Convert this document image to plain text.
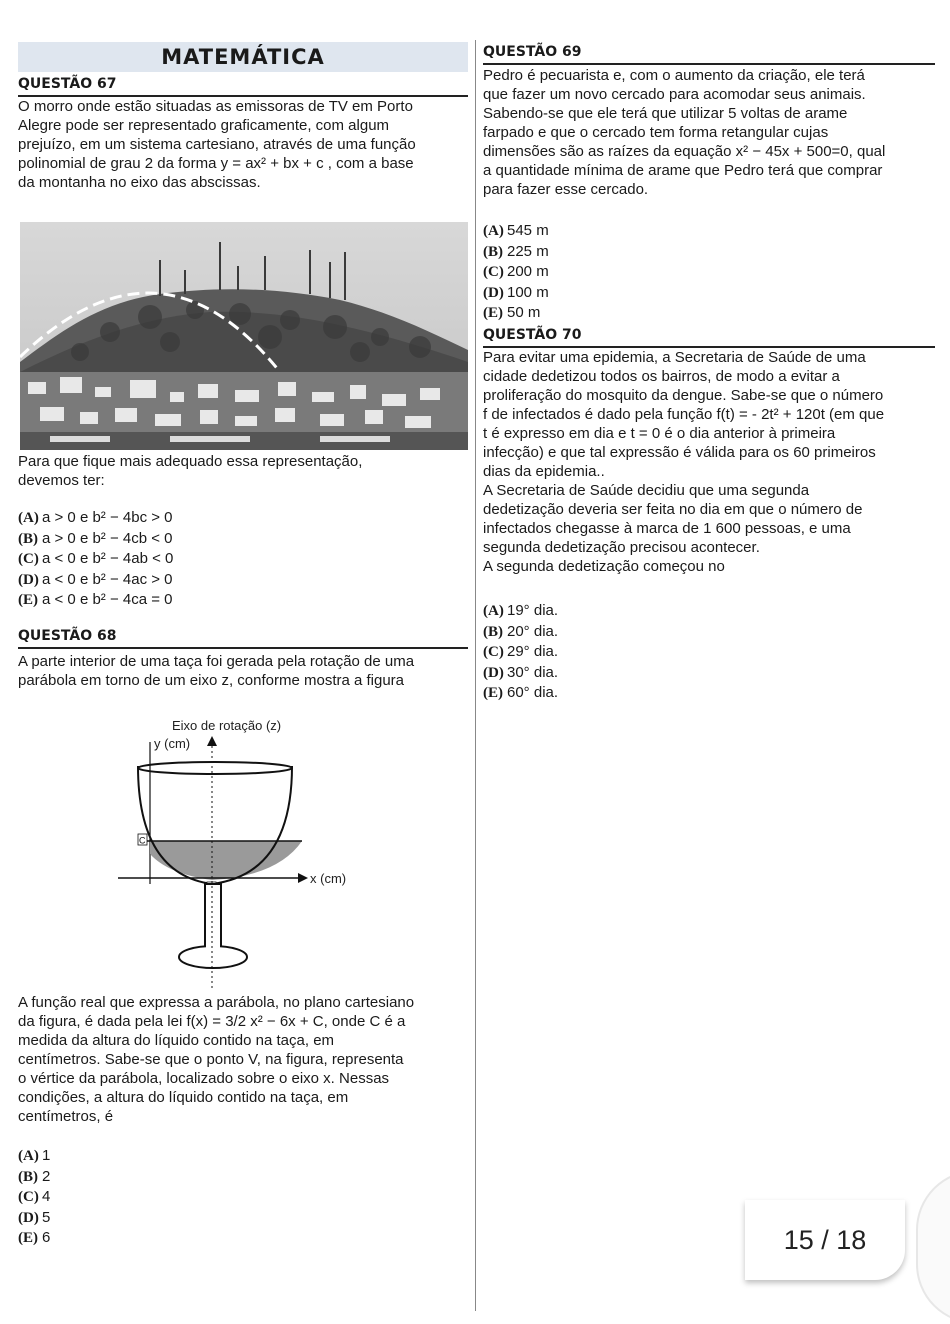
MATEMÁTICA
QUESTÃO 67
O morro onde estão situadas as emissoras de TV em Porto
Alegre pode ser representado graficamente, com algum
prejuízo, em um sistema cartesiano, através de uma função
polinomial de grau 2 da forma y = ax² + bx + c , com a base
da montanha no eixo das abscissas.
Para que fique mais adequado essa representação,
devemos ter:
(A) a > 0 e b² − 4bc > 0
(B) a > 0 e b² − 4cb < 0
(C) a < 0 e b² − 4ab < 0
(D) a < 0 e b² − 4ac > 0
(E) a < 0 e b² − 4ca = 0
QUESTÃO 68
A parte interior de uma taça foi gerada pela rotação de uma
parábola em torno de um eixo z, conforme mostra a figura
Eixo de rotação (z)
y (cm)
C
x (cm)
A função real que expressa a parábola, no plano cartesiano
da figura, é dada pela lei f(x) = 3/2 x² − 6x + C, onde C é a
medida da altura do líquido contido na taça, em
centímetros. Sabe-se que o ponto V, na figura, representa
o vértice da parábola, localizado sobre o eixo x. Nessas
condições, a altura do líquido contido na taça, em
centímetros, é
(A) 1
(B) 2
(C) 4
(D) 5
(E) 6
QUESTÃO 69
Pedro é pecuarista e, com o aumento da criação, ele terá
que fazer um novo cercado para acomodar seus animais.
Sabendo-se que ele terá que utilizar 5 voltas de arame
farpado e que o cercado tem forma retangular cujas
dimensões são as raízes da equação x² − 45x + 500=0, qual
a quantidade mínima de arame que Pedro terá que comprar
para fazer esse cercado.
(A) 545 m
(B) 225 m
(C) 200 m
(D) 100 m
(E) 50 m
QUESTÃO 70
Para evitar uma epidemia, a Secretaria de Saúde de uma
cidade dedetizou todos os bairros, de modo a evitar a
proliferação do mosquito da dengue. Sabe-se que o número
f de infectados é dado pela função f(t) = - 2t² + 120t (em que
t é expresso em dia e t = 0 é o dia anterior à primeira
infecção) e que tal expressão é válida para os 60 primeiros
dias da epidemia..
A Secretaria de Saúde decidiu que uma segunda
dedetização deveria ser feita no dia em que o número de
infectados chegasse à marca de 1 600 pessoas, e uma
segunda dedetização precisou acontecer.
A segunda dedetização começou no
(A) 19° dia.
(B) 20° dia.
(C) 29° dia.
(D) 30° dia.
(E) 60° dia.
15 / 18
